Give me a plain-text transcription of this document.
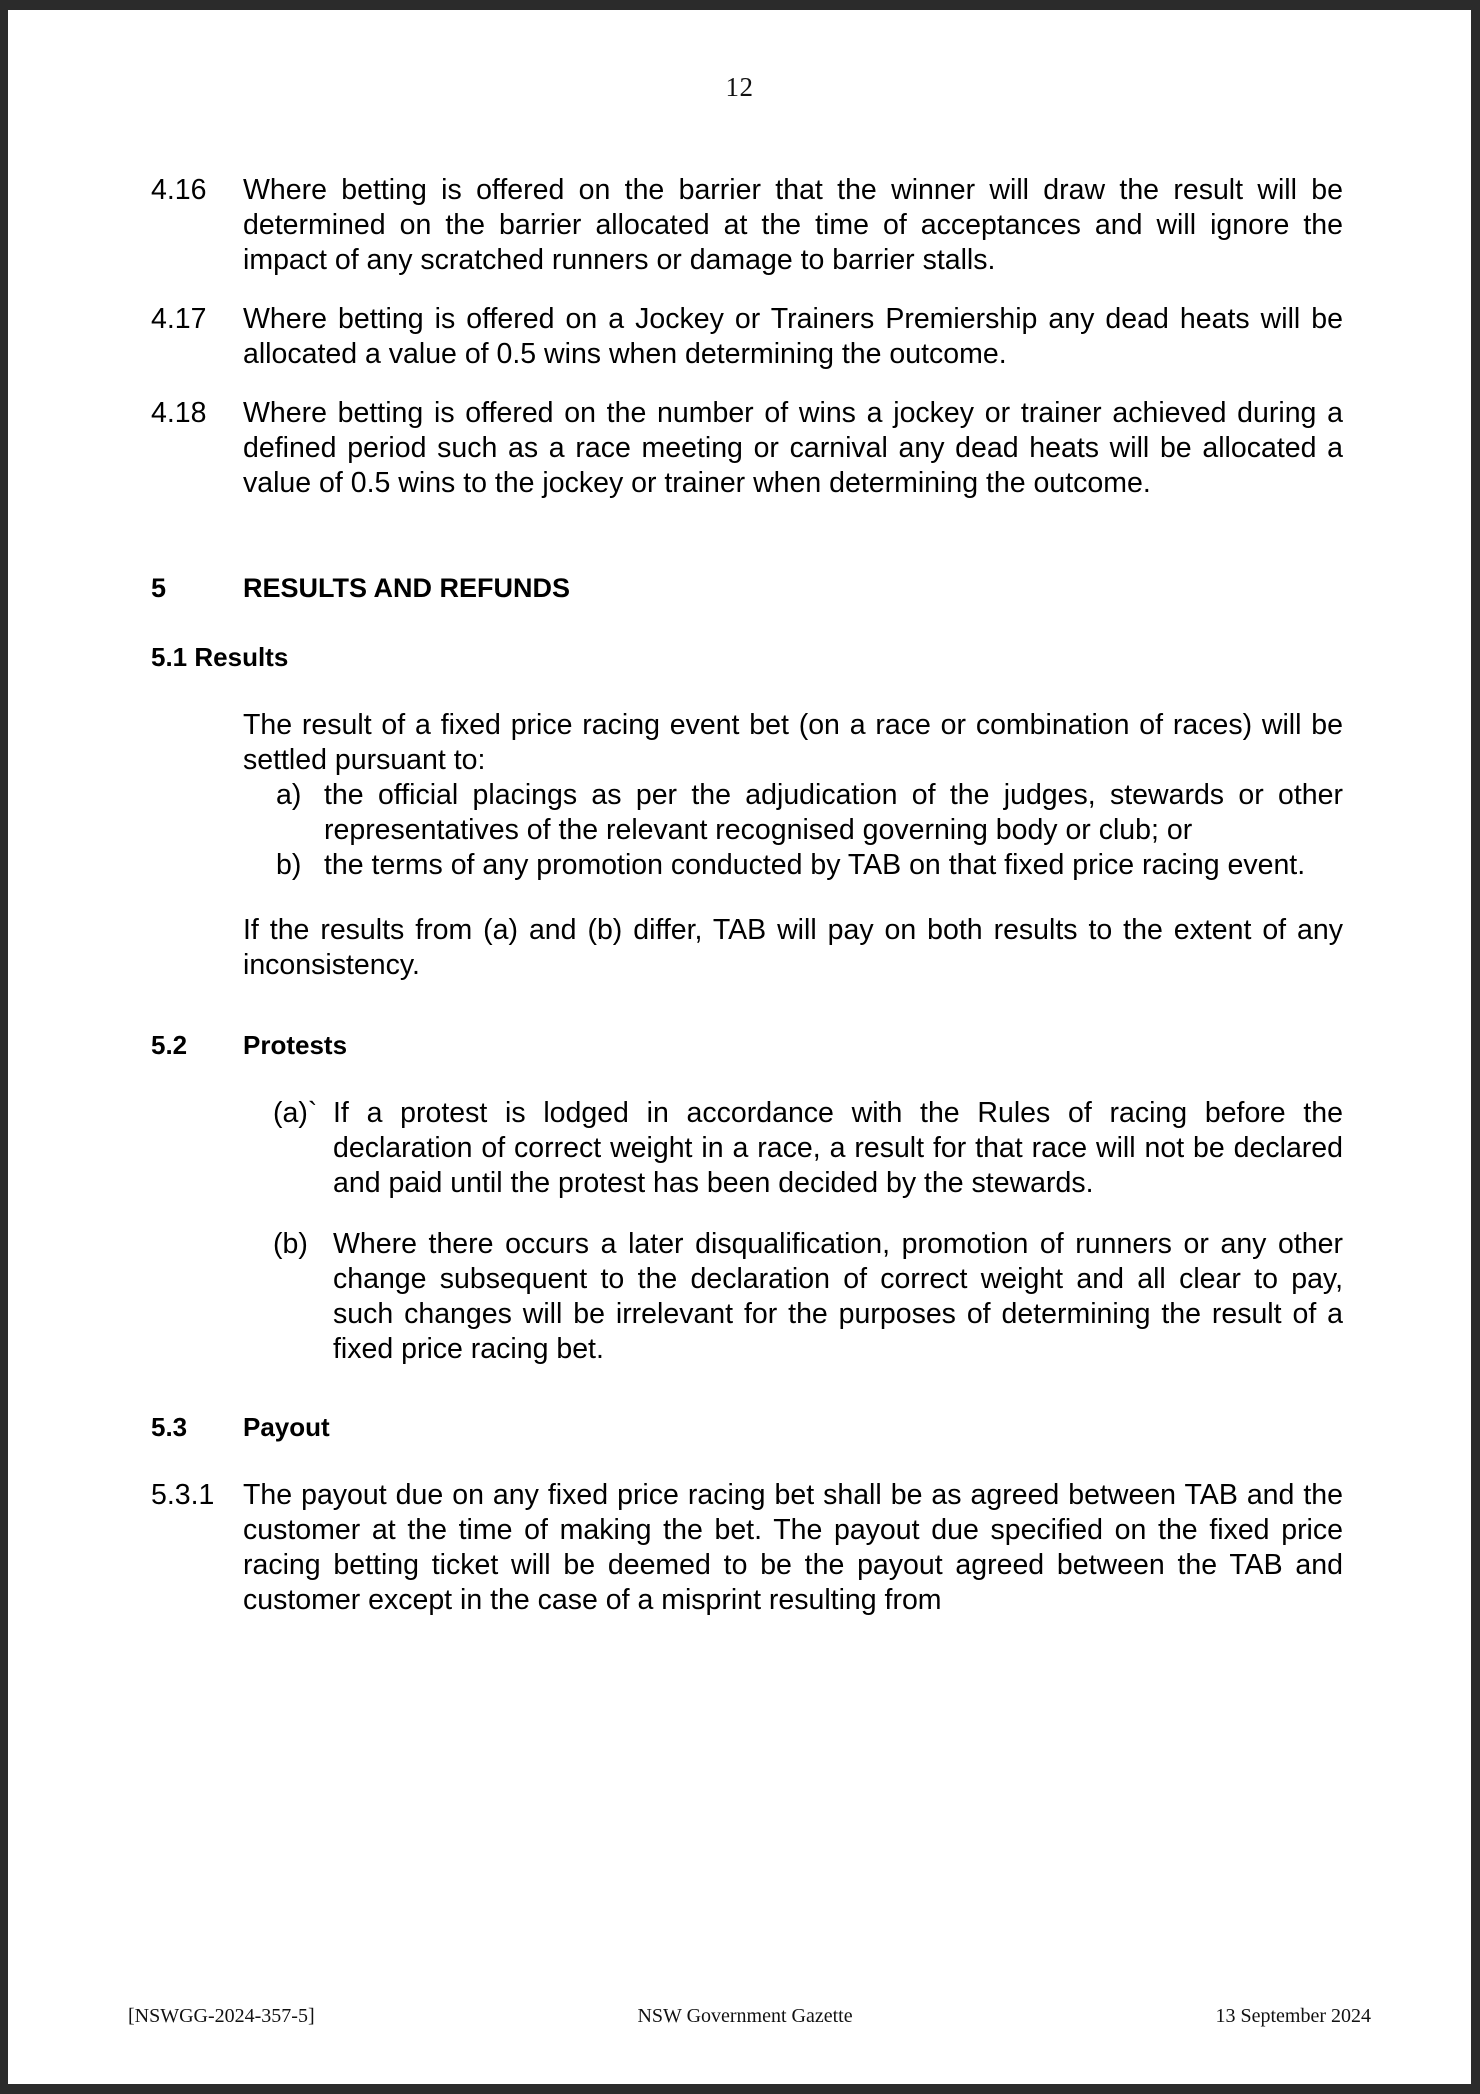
12
4.16	Where betting is offered on the barrier that the winner will draw the result will be determined on the barrier allocated at the time of acceptances and will ignore the impact of any scratched runners or damage to barrier stalls.
4.17	Where betting is offered on a Jockey or Trainers Premiership any dead heats will be allocated a value of 0.5 wins when determining the outcome.
4.18	Where betting is offered on the number of wins a jockey or trainer achieved during a defined period such as a race meeting or carnival any dead heats will be allocated a value of 0.5 wins to the jockey or trainer when determining the outcome.
5	RESULTS AND REFUNDS
5.1 Results
The result of a fixed price racing event bet (on a race or combination of races) will be settled pursuant to:
a) the official placings as per the adjudication of the judges, stewards or other representatives of the relevant recognised governing body or club; or
b) the terms of any promotion conducted by TAB on that fixed price racing event.
If the results from (a) and (b) differ, TAB will pay on both results to the extent of any inconsistency.
5.2	Protests
(a)` If a protest is lodged in accordance with the Rules of racing before the declaration of correct weight in a race, a result for that race will not be declared and paid until the protest has been decided by the stewards.
(b) Where there occurs a later disqualification, promotion of runners or any other change subsequent to the declaration of correct weight and all clear to pay, such changes will be irrelevant for the purposes of determining the result of a fixed price racing bet.
5.3	Payout
5.3.1	The payout due on any fixed price racing bet shall be as agreed between TAB and the customer at the time of making the bet. The payout due specified on the fixed price racing betting ticket will be deemed to be the payout agreed between the TAB and customer except in the case of a misprint resulting from
[NSWGG-2024-357-5]	NSW Government Gazette	13 September 2024
